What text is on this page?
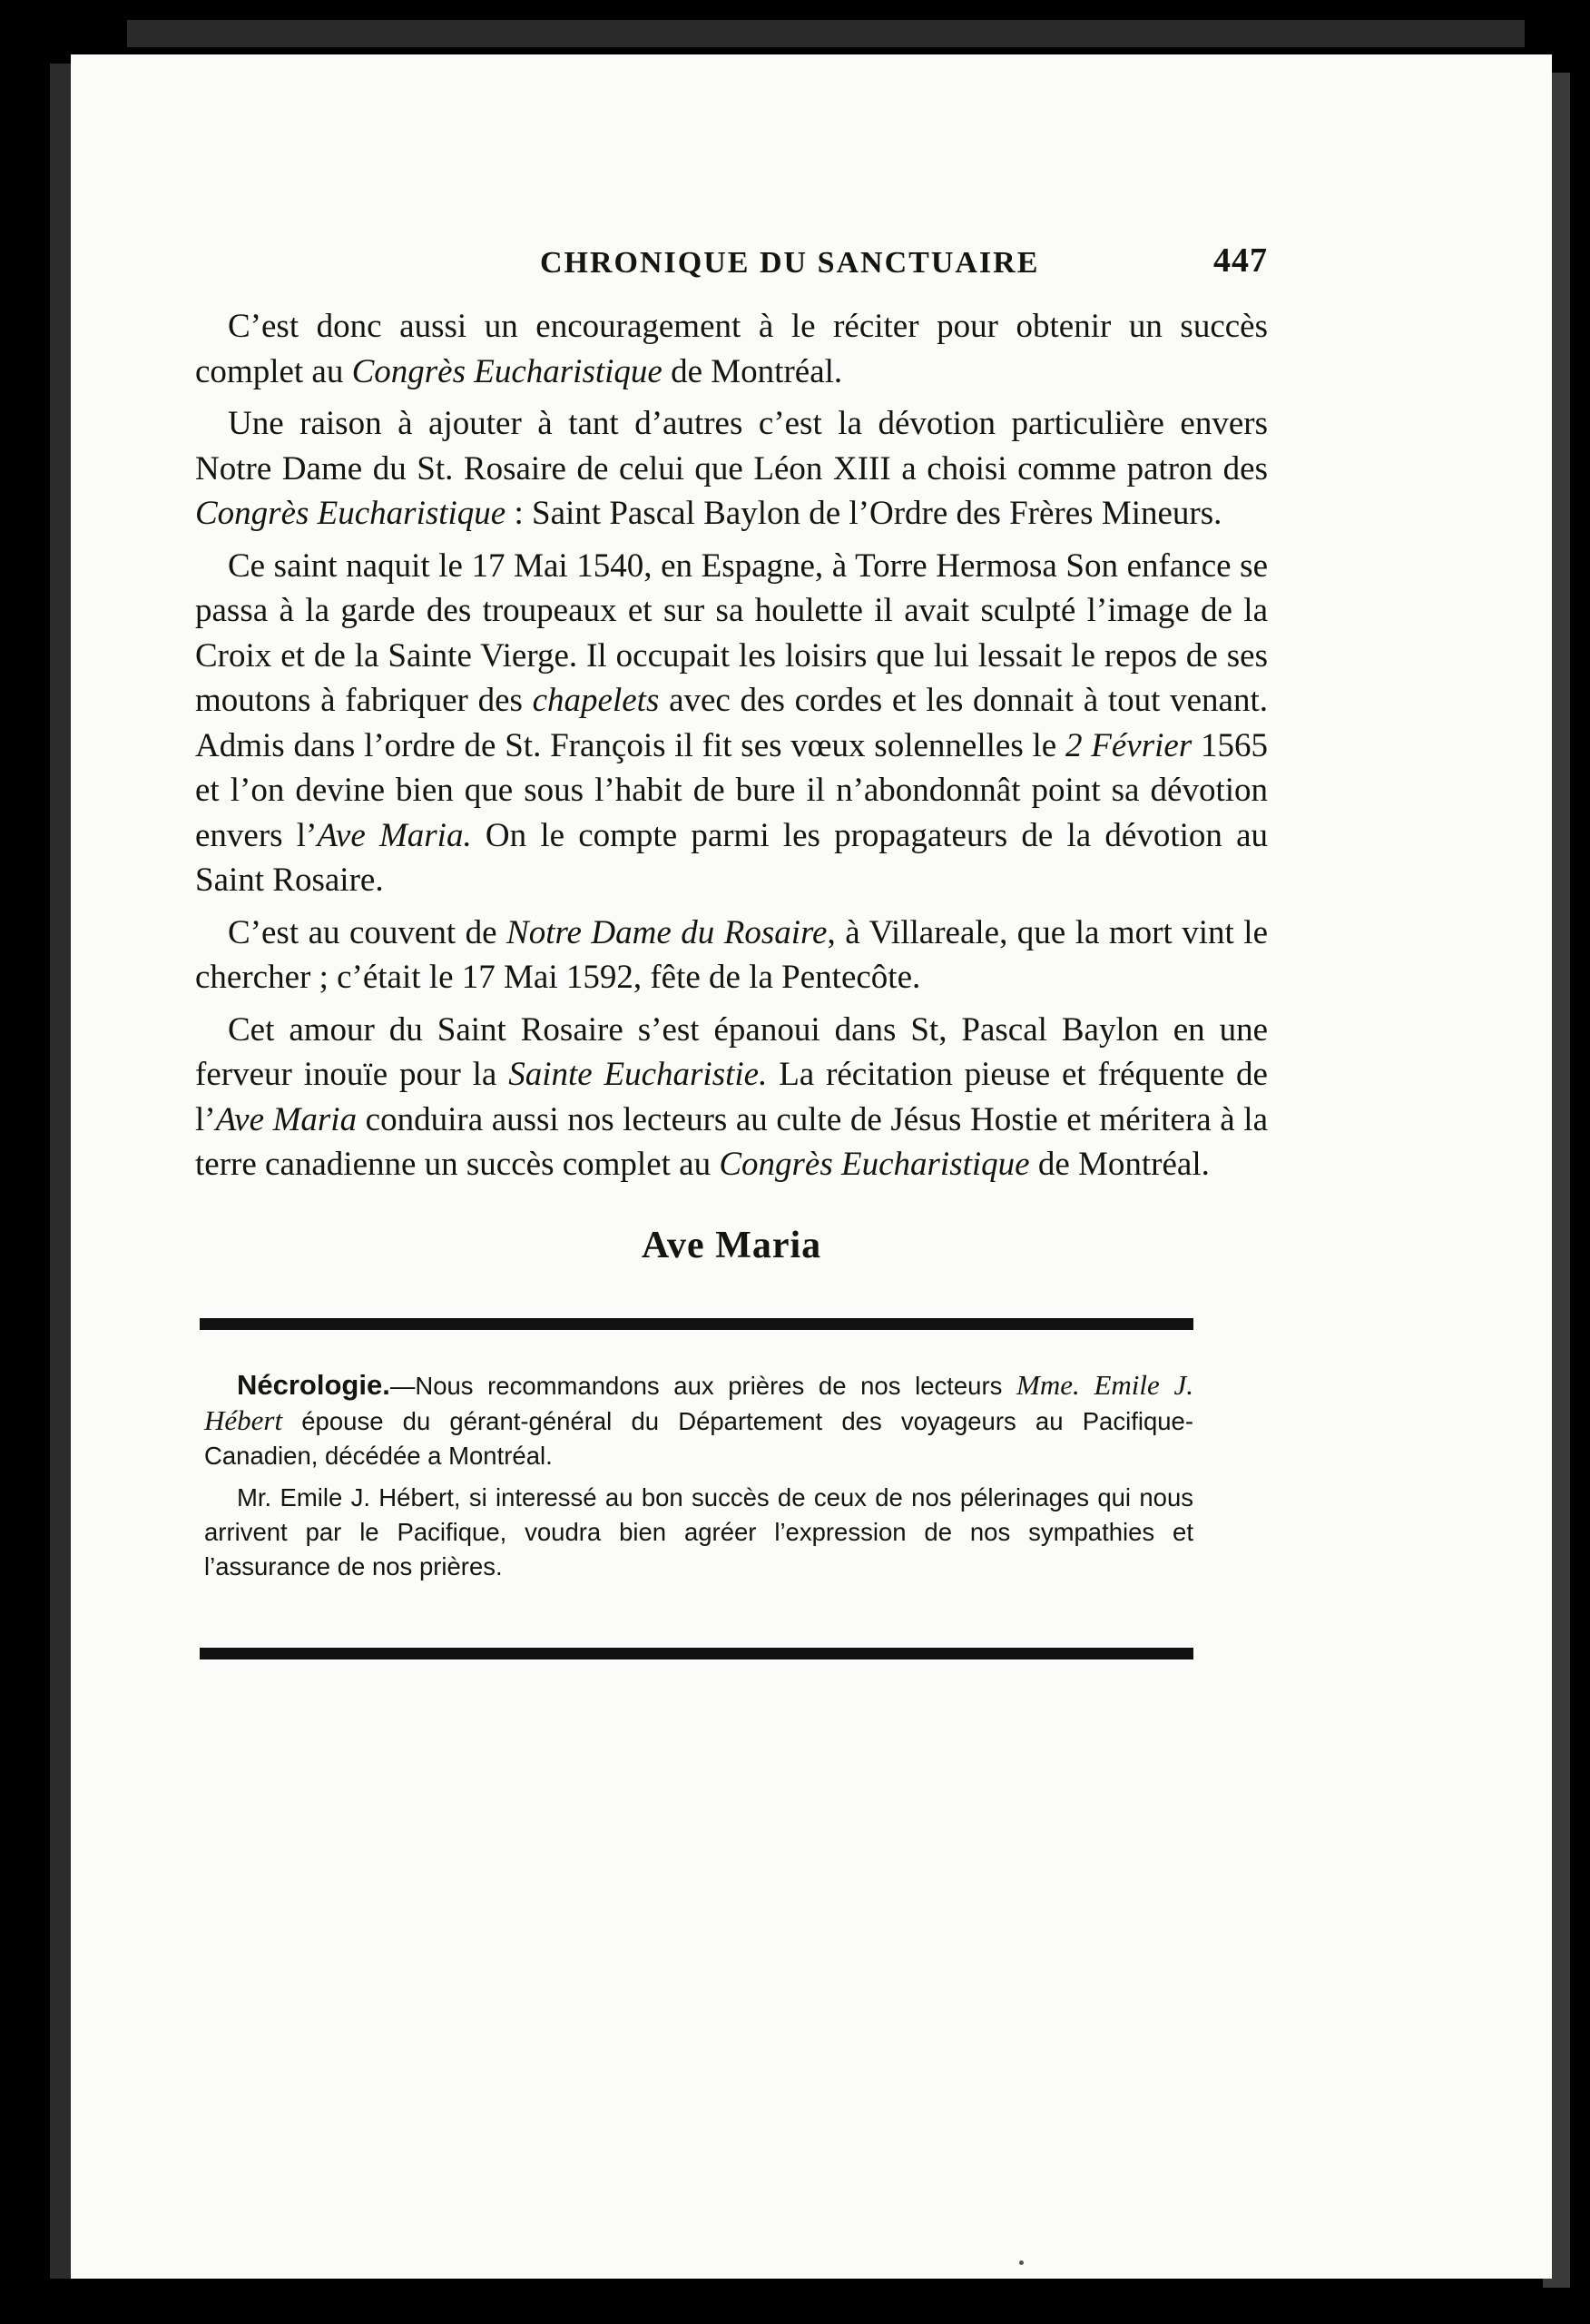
CHRONIQUE DU SANCTUAIRE	447

C’est donc aussi un encouragement à le réciter pour obtenir un succès complet au Congrès Eucharistique de Montréal.

Une raison à ajouter à tant d’autres c’est la dévotion particulière envers Notre Dame du St. Rosaire de celui que Léon XIII a choisi comme patron des Congrès Eucharistique : Saint Pascal Baylon de l’Ordre des Frères Mineurs.

Ce saint naquit le 17 Mai 1540, en Espagne, à Torre Hermosa Son enfance se passa à la garde des troupeaux et sur sa houlette il avait sculpté l’image de la Croix et de la Sainte Vierge. Il occupait les loisirs que lui lessait le repos de ses moutons à fabriquer des chapelets avec des cordes et les donnait à tout venant. Admis dans l’ordre de St. François il fit ses vœux solennelles le 2 Février 1565 et l’on devine bien que sous l’habit de bure il n’abondonnât point sa dévotion envers l’Ave Maria. On le compte parmi les propagateurs de la dévotion au Saint Rosaire.

C’est au couvent de Notre Dame du Rosaire, à Villareale, que la mort vint le chercher ; c’était le 17 Mai 1592, fête de la Pentecôte.

Cet amour du Saint Rosaire s’est épanoui dans St, Pascal Baylon en une ferveur inouïe pour la Sainte Eucharistie. La récitation pieuse et fréquente de l’Ave Maria conduira aussi nos lecteurs au culte de Jésus Hostie et méritera à la terre canadienne un succès complet au Congrès Eucharistique de Montréal.

Ave Maria

Nécrologie.—Nous recommandons aux prières de nos lecteurs Mme. Emile J. Hébert épouse du gérant-général du Département des voyageurs au Pacifique-Canadien, décédée a Montréal.

Mr. Emile J. Hébert, si interessé au bon succès de ceux de nos pélerinages qui nous arrivent par le Pacifique, voudra bien agréer l’expression de nos sympathies et l’assurance de nos prières.
